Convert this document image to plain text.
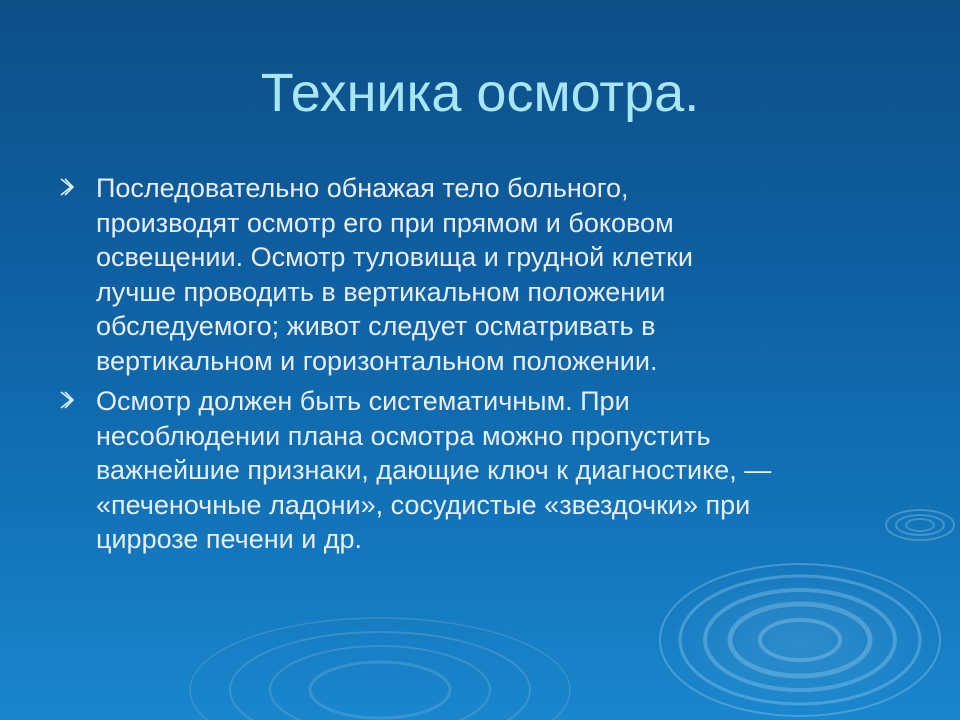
Техника осмотра.
Последовательно обнажая тело больного,
производят осмотр его при прямом и боковом
освещении. Осмотр туловища и грудной клетки
лучше проводить в вертикальном положении
обследуемого; живот следует осматривать в
вертикальном и горизонтальном положении.
Осмотр должен быть систематичным. При
несоблюдении плана осмотра можно пропустить
важнейшие признаки, дающие ключ к диагностике, —
«печеночные ладони», сосудистые «звездочки» при
циррозе печени и др.
